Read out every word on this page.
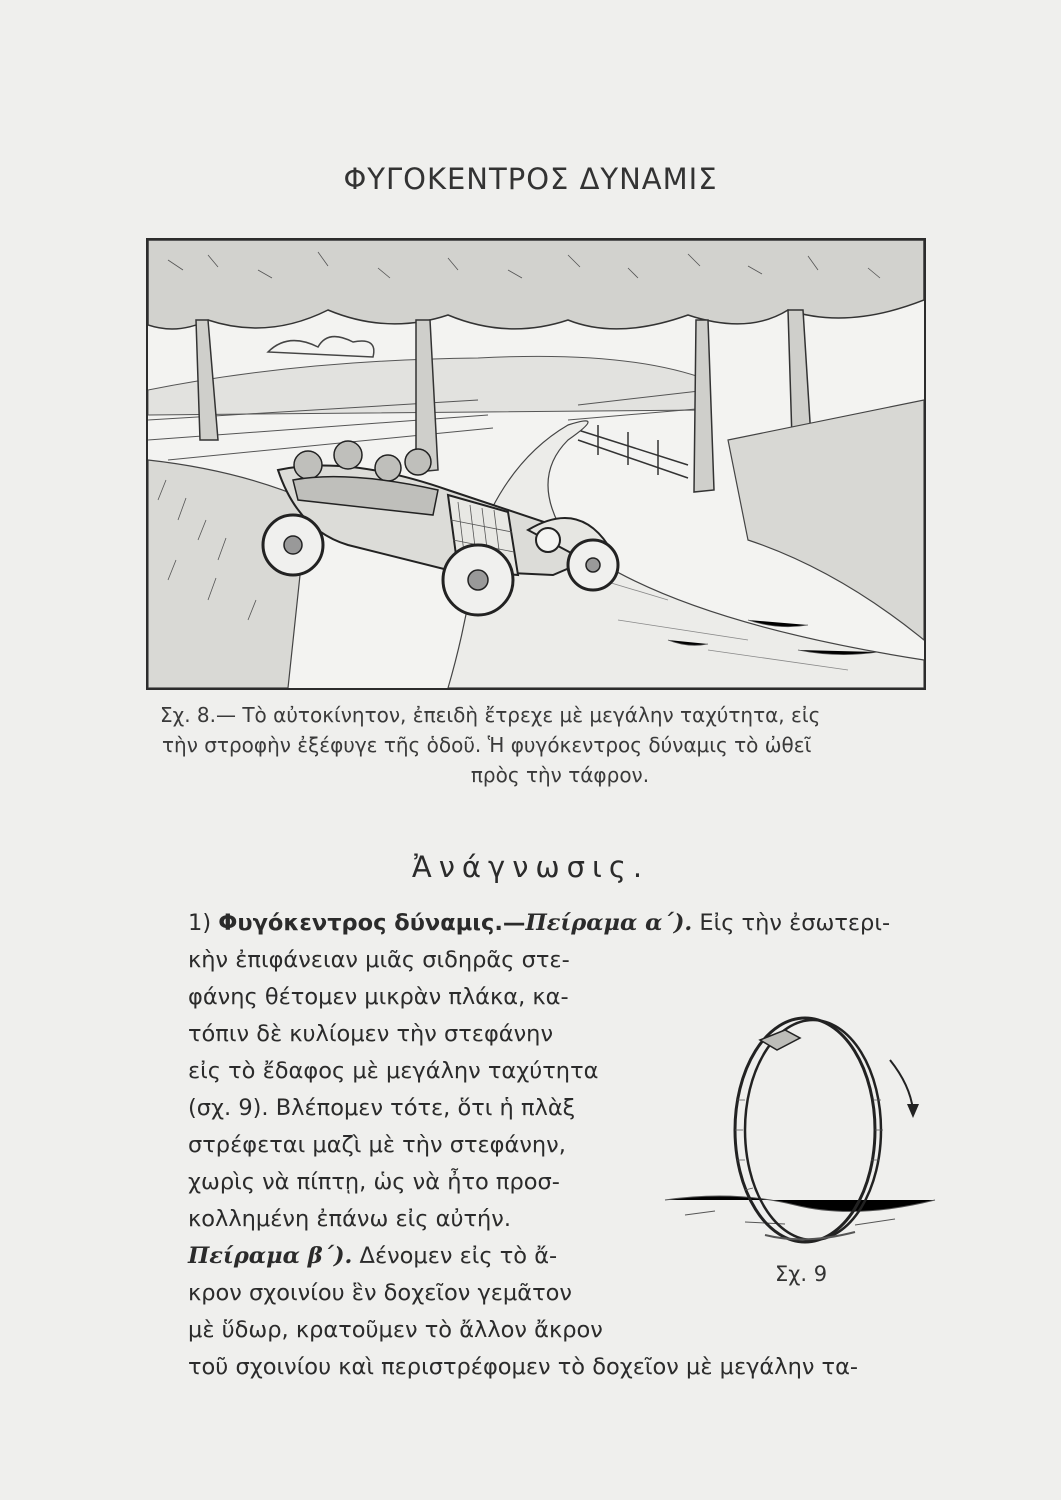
ΦΥΓΟΚΕΝΤΡΟΣ ΔΥΝΑΜΙΣ
Σχ. 8.— Τὸ αὐτοκίνητον, ἐπειδὴ ἔτρεχε μὲ μεγάλην ταχύτητα, εἰς
τὴν στροφὴν ἐξέφυγε τῆς ὁδοῦ. Ἡ φυγόκεντρος δύναμις τὸ ὠθεῖ
πρὸς τὴν τάφρον.
Ἀνάγνωσις.
1) Φυγόκεντρος δύναμις.—Πείραμα α΄). Εἰς τὴν ἐσωτερι-
κὴν ἐπιφάνειαν μιᾶς σιδηρᾶς στε-
φάνης θέτομεν μικρὰν πλάκα, κα-
τόπιν δὲ κυλίομεν τὴν στεφάνην
εἰς τὸ ἔδαφος μὲ μεγάλην ταχύτητα
(σχ. 9). Βλέπομεν τότε, ὅτι ἡ πλὰξ
στρέφεται μαζὶ μὲ τὴν στεφάνην,
χωρὶς νὰ πίπτῃ, ὡς νὰ ἦτο προσ-
κολλημένη ἐπάνω εἰς αὐτήν.
Πείραμα β΄). Δένομεν εἰς τὸ ἄ-
κρον σχοινίου ἓν δοχεῖον γεμᾶτον
μὲ ὕδωρ, κρατοῦμεν τὸ ἄλλον ἄκρον
τοῦ σχοινίου καὶ περιστρέφομεν τὸ δοχεῖον μὲ μεγάλην τα-
Σχ. 9
